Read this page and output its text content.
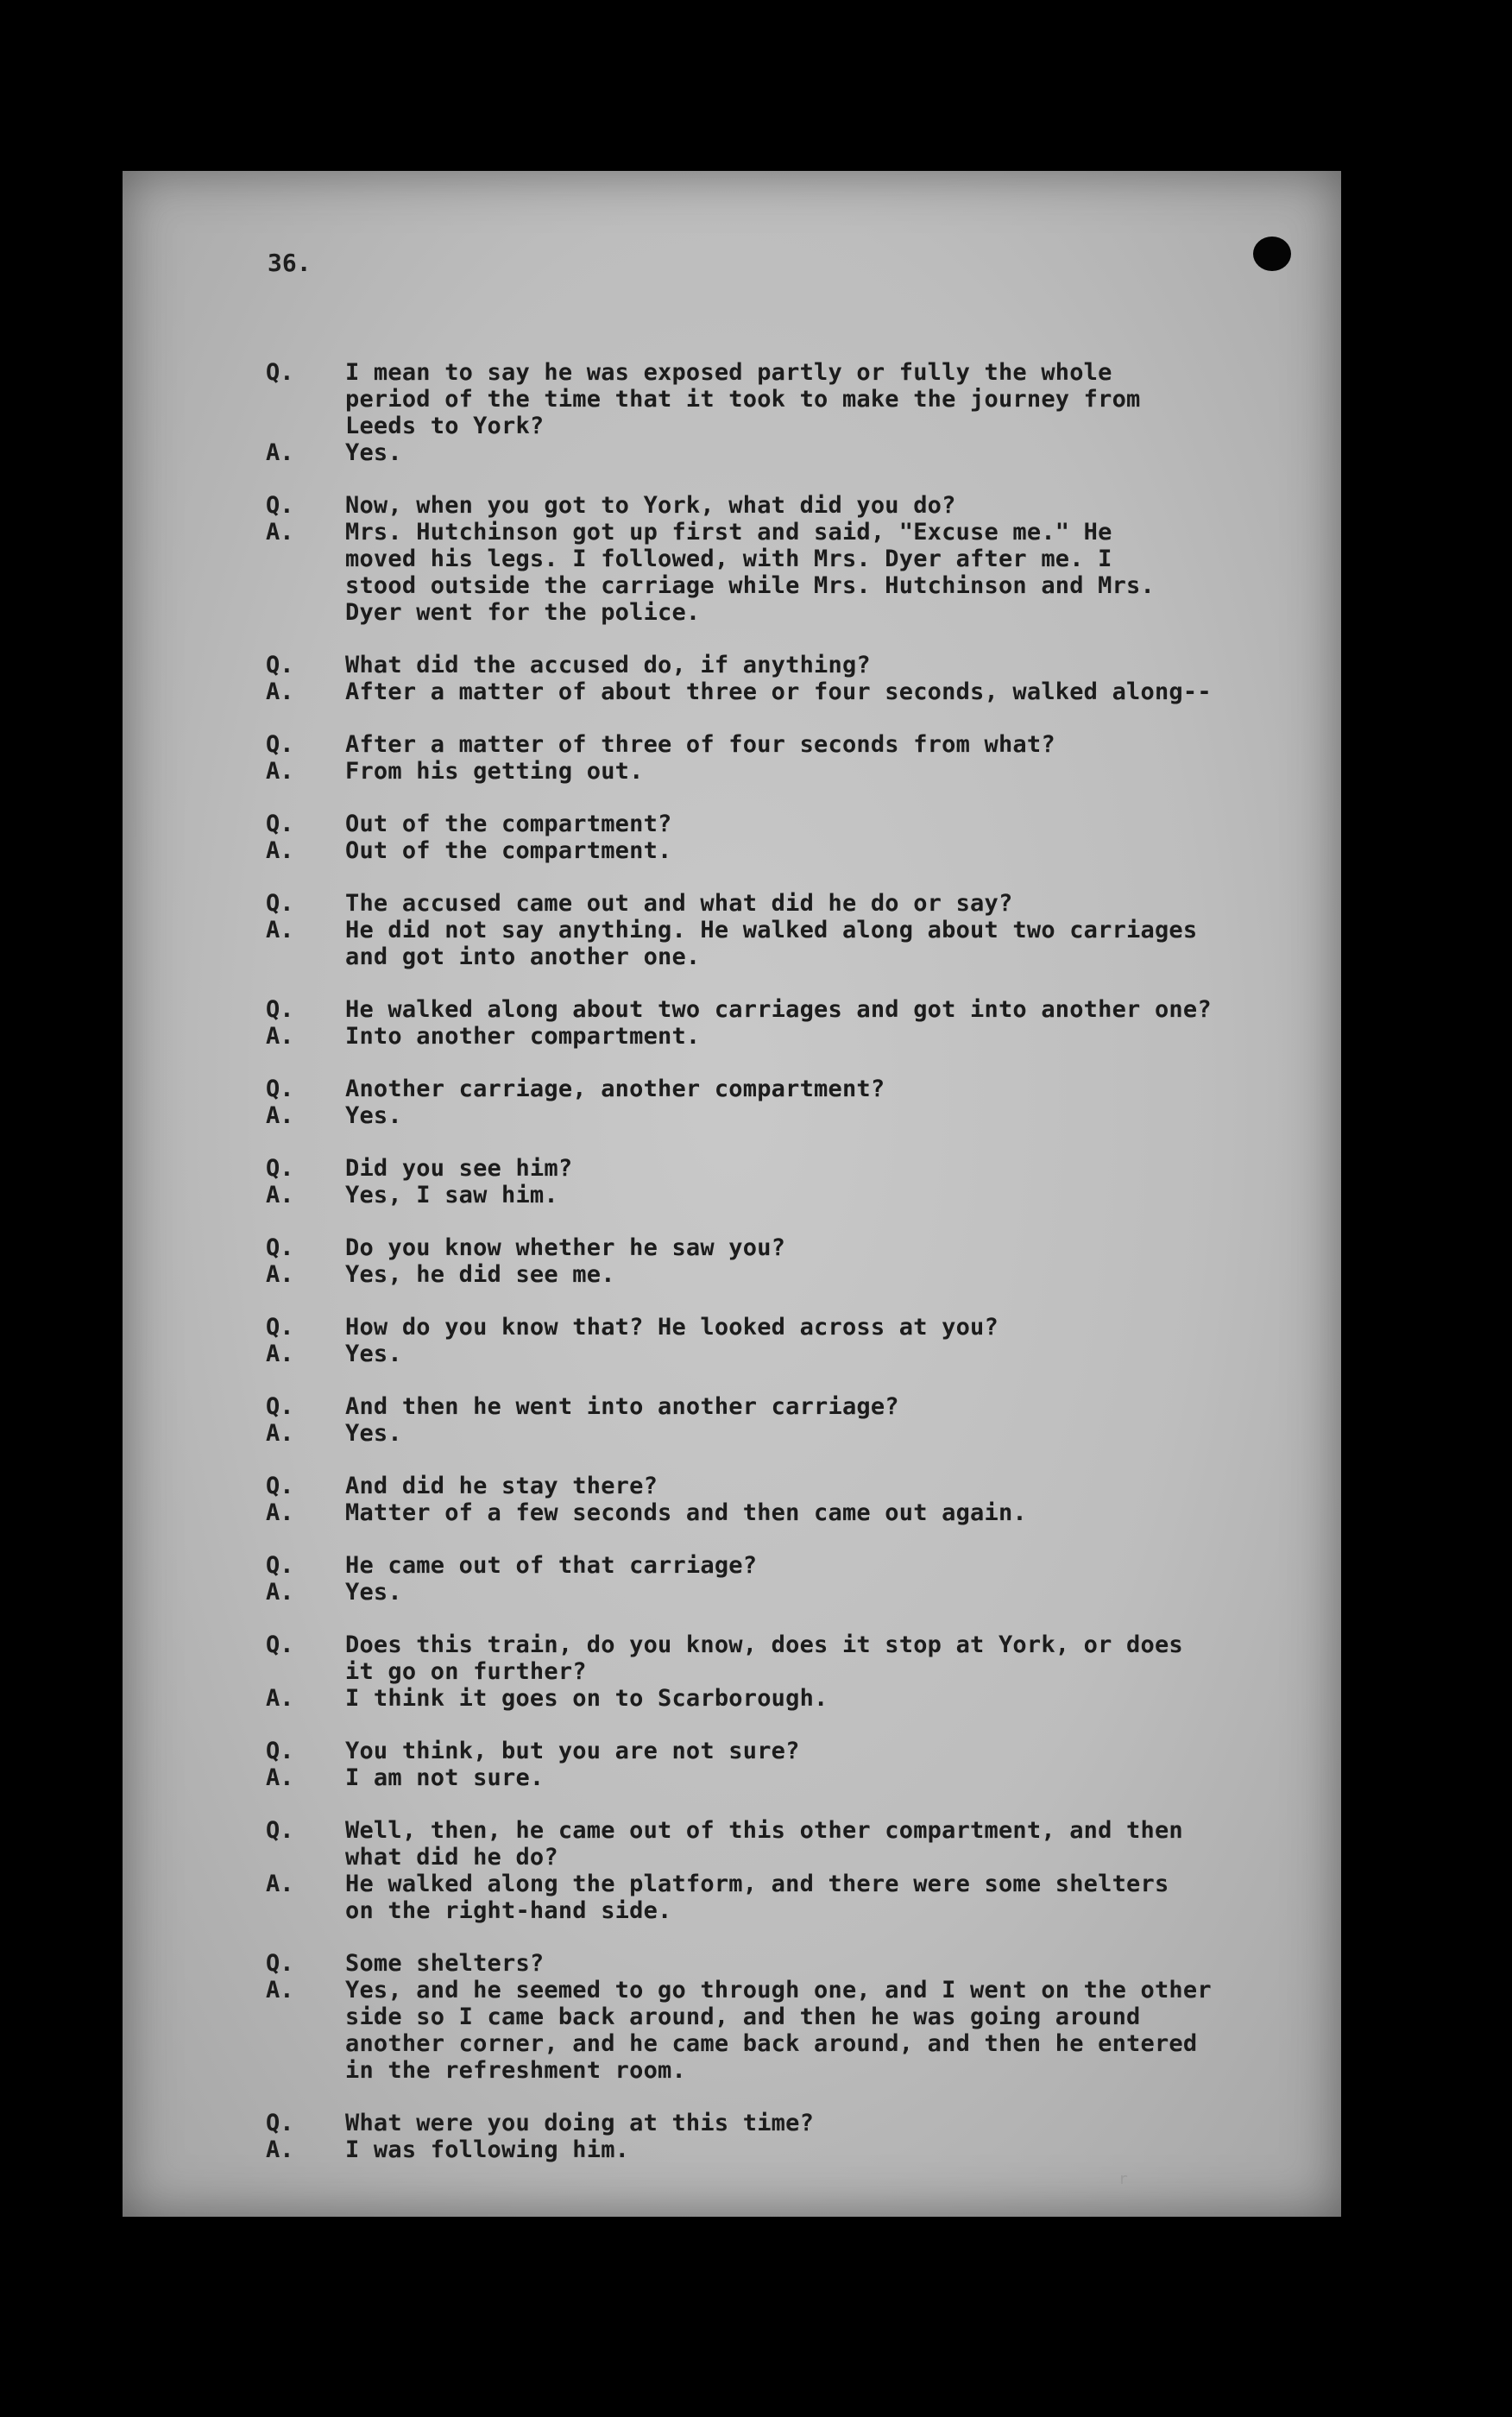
36.
Q.	I mean to say he was exposed partly or fully the whole
period of the time that it took to make the journey from
Leeds to York?
A.	Yes.
Q.	Now, when you got to York, what did you do?
A.	Mrs. Hutchinson got up first and said, "Excuse me." He
moved his legs. I followed, with Mrs. Dyer after me. I
stood outside the carriage while Mrs. Hutchinson and Mrs.
Dyer went for the police.
Q.	What did the accused do, if anything?
A.	After a matter of about three or four seconds, walked along--
Q.	After a matter of three of four seconds from what?
A.	From his getting out.
Q.	Out of the compartment?
A.	Out of the compartment.
Q.	The accused came out and what did he do or say?
A.	He did not say anything. He walked along about two carriages
and got into another one.
Q.	He walked along about two carriages and got into another one?
A.	Into another compartment.
Q.	Another carriage, another compartment?
A.	Yes.
Q.	Did you see him?
A.	Yes, I saw him.
Q.	Do you know whether he saw you?
A.	Yes, he did see me.
Q.	How do you know that? He looked across at you?
A.	Yes.
Q.	And then he went into another carriage?
A.	Yes.
Q.	And did he stay there?
A.	Matter of a few seconds and then came out again.
Q.	He came out of that carriage?
A.	Yes.
Q.	Does this train, do you know, does it stop at York, or does
it go on further?
A.	I think it goes on to Scarborough.
Q.	You think, but you are not sure?
A.	I am not sure.
Q.	Well, then, he came out of this other compartment, and then
what did he do?
A.	He walked along the platform, and there were some shelters
on the right-hand side.
Q.	Some shelters?
A.	Yes, and he seemed to go through one, and I went on the other
side so I came back around, and then he was going around
another corner, and he came back around, and then he entered
in the refreshment room.
Q.	What were you doing at this time?
A.	I was following him.
r
